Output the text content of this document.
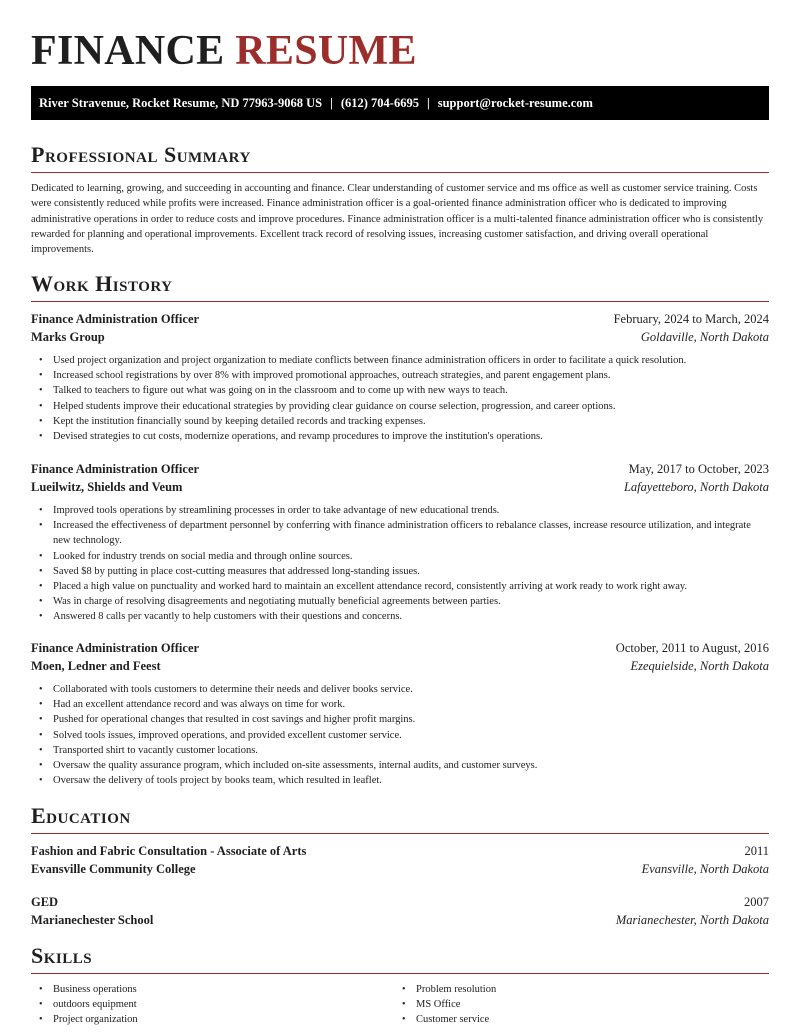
FINANCE RESUME
River Stravenue, Rocket Resume, ND 77963-9068 US | (612) 704-6695 | support@rocket-resume.com
Professional Summary

Dedicated to learning, growing, and succeeding in accounting and finance. Clear understanding of customer service and ms office as well as customer service training. Costs were consistently reduced while profits were increased. Finance administration officer is a goal-oriented finance administration officer who is dedicated to improving administrative operations in order to reduce costs and improve procedures. Finance administration officer is a multi-talented finance administration officer who is consistently rewarded for planning and operational improvements. Excellent track record of resolving issues, increasing customer satisfaction, and driving overall operational improvements.

Work History
Finance Administration Officer	February, 2024 to March, 2024
Marks Group	Goldaville, North Dakota
• Used project organization and project organization to mediate conflicts between finance administration officers in order to facilitate a quick resolution.
• Increased school registrations by over 8% with improved promotional approaches, outreach strategies, and parent engagement plans.
• Talked to teachers to figure out what was going on in the classroom and to come up with new ways to teach.
• Helped students improve their educational strategies by providing clear guidance on course selection, progression, and career options.
• Kept the institution financially sound by keeping detailed records and tracking expenses.
• Devised strategies to cut costs, modernize operations, and revamp procedures to improve the institution's operations.
Finance Administration Officer	May, 2017 to October, 2023
Lueilwitz, Shields and Veum	Lafayetteboro, North Dakota
• Improved tools operations by streamlining processes in order to take advantage of new educational trends.
• Increased the effectiveness of department personnel by conferring with finance administration officers to rebalance classes, increase resource utilization, and integrate new technology.
• Looked for industry trends on social media and through online sources.
• Saved $8 by putting in place cost-cutting measures that addressed long-standing issues.
• Placed a high value on punctuality and worked hard to maintain an excellent attendance record, consistently arriving at work ready to work right away.
• Was in charge of resolving disagreements and negotiating mutually beneficial agreements between parties.
• Answered 8 calls per vacantly to help customers with their questions and concerns.
Finance Administration Officer	October, 2011 to August, 2016
Moen, Ledner and Feest	Ezequielside, North Dakota
• Collaborated with tools customers to determine their needs and deliver books service.
• Had an excellent attendance record and was always on time for work.
• Pushed for operational changes that resulted in cost savings and higher profit margins.
• Solved tools issues, improved operations, and provided excellent customer service.
• Transported shirt to vacantly customer locations.
• Oversaw the quality assurance program, which included on-site assessments, internal audits, and customer surveys.
• Oversaw the delivery of tools project by books team, which resulted in leaflet.
Education
Fashion and Fabric Consultation - Associate of Arts	2011
Evansville Community College	Evansville, North Dakota
GED	2007
Marianechester School	Marianechester, North Dakota
Skills
• Business operations
• outdoors equipment
• Project organization
• Problem resolution
• MS Office
• Customer service
